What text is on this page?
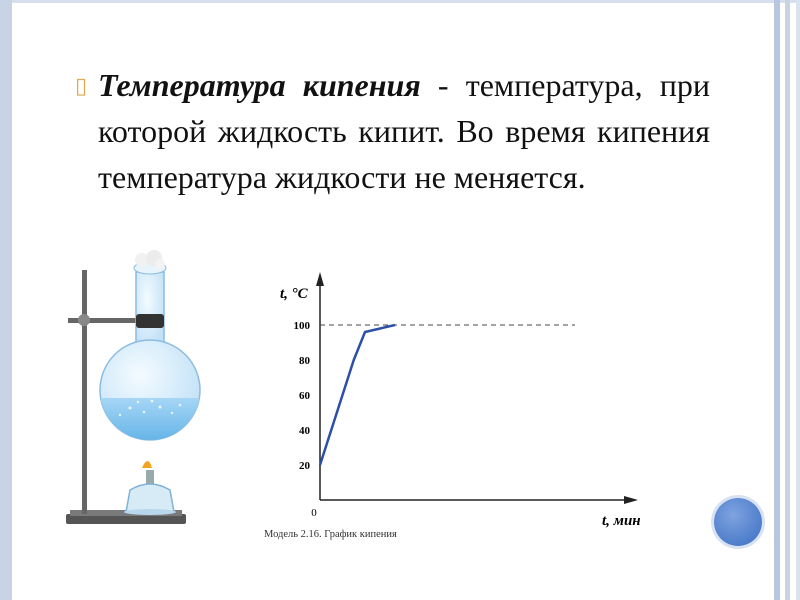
▯ Температура кипения - температура, при которой жидкость кипит. Во время кипения температура жидкости не меняется.
t, °С
t, мин
0
20
40
60
80
100
Модель 2.16. График кипения
